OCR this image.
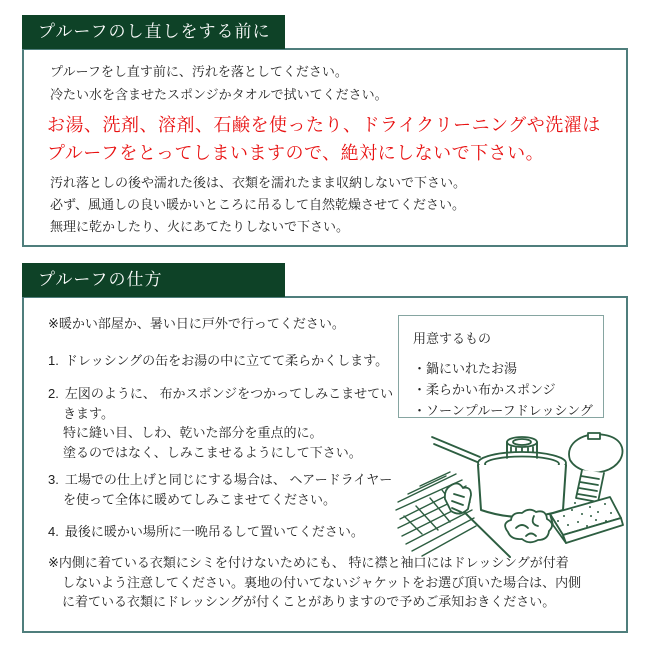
プルーフのし直しをする前に
プルーフをし直す前に、汚れを落としてください。
冷たい水を含ませたスポンジかタオルで拭いてください。
お湯、洗剤、溶剤、石鹸を使ったり、ドライクリーニングや洗濯は
プルーフをとってしまいますので、絶対にしないで下さい。
汚れ落としの後や濡れた後は、衣類を濡れたまま収納しないで下さい。
必ず、風通しの良い暖かいところに吊るして自然乾燥させてください。
無理に乾かしたり、火にあてたりしないで下さい。
プルーフの仕方
※暖かい部屋か、暑い日に戸外で行ってください。
用意するもの
・鍋にいれたお湯
・柔らかい布かスポンジ
・ソーンプルーフドレッシング
1. ドレッシングの缶をお湯の中に立てて柔らかくします。
2. 左図のように、 布かスポンジをつかってしみこませてい
きます。
特に縫い目、しわ、乾いた部分を重点的に。
塗るのではなく、しみこませるようにして下さい。
3. 工場での仕上げと同じにする場合は、 ヘアードライヤー
を使って全体に暖めてしみこませてください。
4. 最後に暖かい場所に一晩吊るして置いてください。
※内側に着ている衣類にシミを付けないためにも、 特に襟と袖口にはドレッシングが付着
しないよう注意してください。裏地の付いてないジャケットをお選び頂いた場合は、内側
に着ている衣類にドレッシングが付くことがありますので予めご承知おきください。
